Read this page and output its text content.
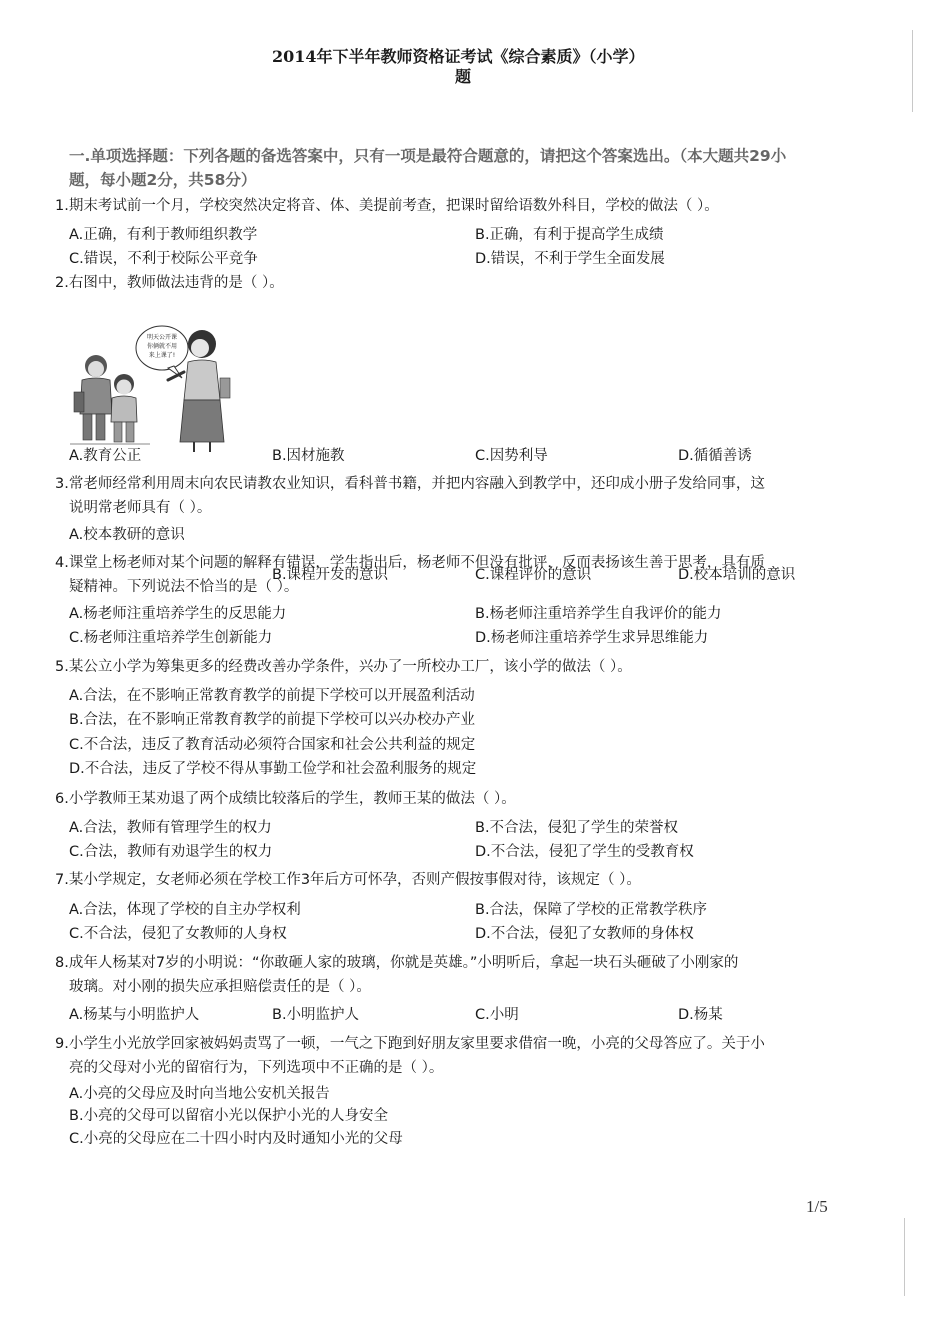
2014年下半年教师资格证考试《综合素质》（小学）
题
一.单项选择题：下列各题的备选答案中，只有一项是最符合题意的，请把这个答案选出。（本大题共29小
题，每小题2分，共58分）
1.期末考试前一个月，学校突然决定将音、体、美提前考查，把课时留给语数外科目，学校的做法（ ）。
A.正确，有利于教师组织教学	B.正确，有利于提高学生成绩
C.错误，不利于校际公平竞争	D.错误，不利于学生全面发展
2.右图中，教师做法违背的是（ ）。
明天公开课
你俩就不用
来上课了!
A.教育公正	B.因材施教	C.因势利导	D.循循善诱
3.常老师经常利用周末向农民请教农业知识，看科普书籍，并把内容融入到教学中，还印成小册子发给同事，这
说明常老师具有（ ）。
A.校本教研的意识
B.课程开发的意识	C.课程评价的意识	D.校本培训的意识
4.课堂上杨老师对某个问题的解释有错误，学生指出后，杨老师不但没有批评，反而表扬该生善于思考，具有质
疑精神。下列说法不恰当的是（ ）。
A.杨老师注重培养学生的反思能力	B.杨老师注重培养学生自我评价的能力
C.杨老师注重培养学生创新能力	D.杨老师注重培养学生求异思维能力
5.某公立小学为筹集更多的经费改善办学条件，兴办了一所校办工厂，该小学的做法（ ）。
A.合法，在不影响正常教育教学的前提下学校可以开展盈利活动
B.合法，在不影响正常教育教学的前提下学校可以兴办校办产业
C.不合法，违反了教育活动必须符合国家和社会公共利益的规定
D.不合法，违反了学校不得从事勤工俭学和社会盈利服务的规定
6.小学教师王某劝退了两个成绩比较落后的学生，教师王某的做法（ ）。
A.合法，教师有管理学生的权力	B.不合法，侵犯了学生的荣誉权
C.合法，教师有劝退学生的权力	D.不合法，侵犯了学生的受教育权
7.某小学规定，女老师必须在学校工作3年后方可怀孕，否则产假按事假对待，该规定（ ）。
A.合法，体现了学校的自主办学权利	B.合法，保障了学校的正常教学秩序
C.不合法，侵犯了女教师的人身权	D.不合法，侵犯了女教师的身体权
8.成年人杨某对7岁的小明说：“你敢砸人家的玻璃，你就是英雄。”小明听后，拿起一块石头砸破了小刚家的
玻璃。对小刚的损失应承担赔偿责任的是（ ）。
A.杨某与小明监护人	B.小明监护人	C.小明	D.杨某
9.小学生小光放学回家被妈妈责骂了一顿，一气之下跑到好朋友家里要求借宿一晚，小亮的父母答应了。关于小
亮的父母对小光的留宿行为，下列选项中不正确的是（ ）。
A.小亮的父母应及时向当地公安机关报告
B.小亮的父母可以留宿小光以保护小光的人身安全
C.小亮的父母应在二十四小时内及时通知小光的父母
1/5
